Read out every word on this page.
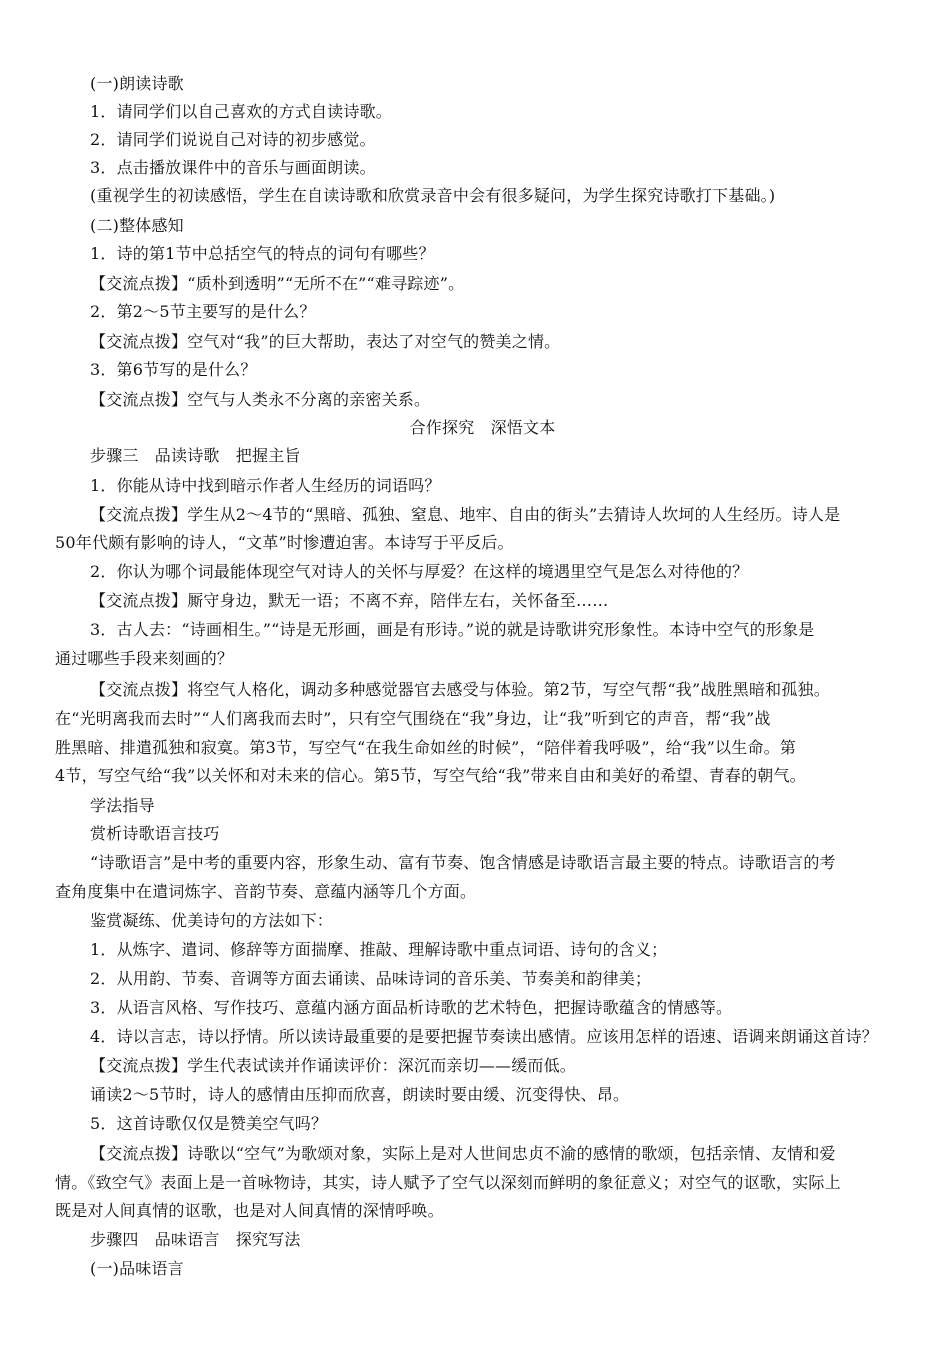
(一)朗读诗歌
1．请同学们以自己喜欢的方式自读诗歌。
2．请同学们说说自己对诗的初步感觉。
3．点击播放课件中的音乐与画面朗读。
(重视学生的初读感悟，学生在自读诗歌和欣赏录音中会有很多疑问，为学生探究诗歌打下基础。)
(二)整体感知
1．诗的第1节中总括空气的特点的词句有哪些？
【交流点拨】“质朴到透明”“无所不在”“难寻踪迹”。
2．第2～5节主要写的是什么？
【交流点拨】空气对“我”的巨大帮助，表达了对空气的赞美之情。
3．第6节写的是什么？
【交流点拨】空气与人类永不分离的亲密关系。
合作探究　深悟文本
步骤三　品读诗歌　把握主旨
1．你能从诗中找到暗示作者人生经历的词语吗？
【交流点拨】学生从2～4节的“黑暗、孤独、窒息、地牢、自由的街头”去猜诗人坎坷的人生经历。诗人是
50年代颇有影响的诗人，“文革”时惨遭迫害。本诗写于平反后。
2．你认为哪个词最能体现空气对诗人的关怀与厚爱？在这样的境遇里空气是怎么对待他的？
【交流点拨】厮守身边，默无一语；不离不弃，陪伴左右，关怀备至……
3．古人去：“诗画相生。”“诗是无形画，画是有形诗。”说的就是诗歌讲究形象性。本诗中空气的形象是
通过哪些手段来刻画的？
【交流点拨】将空气人格化，调动多种感觉器官去感受与体验。第2节，写空气帮“我”战胜黑暗和孤独。
在“光明离我而去时”“人们离我而去时”，只有空气围绕在“我”身边，让“我”听到它的声音，帮“我”战
胜黑暗、排遣孤独和寂寞。第3节，写空气“在我生命如丝的时候”，“陪伴着我呼吸”，给“我”以生命。第
4节，写空气给“我”以关怀和对未来的信心。第5节，写空气给“我”带来自由和美好的希望、青春的朝气。
学法指导
赏析诗歌语言技巧
“诗歌语言”是中考的重要内容，形象生动、富有节奏、饱含情感是诗歌语言最主要的特点。诗歌语言的考
查角度集中在遣词炼字、音韵节奏、意蕴内涵等几个方面。
鉴赏凝练、优美诗句的方法如下：
1．从炼字、遣词、修辞等方面揣摩、推敲、理解诗歌中重点词语、诗句的含义；
2．从用韵、节奏、音调等方面去诵读、品味诗词的音乐美、节奏美和韵律美；
3．从语言风格、写作技巧、意蕴内涵方面品析诗歌的艺术特色，把握诗歌蕴含的情感等。
4．诗以言志，诗以抒情。所以读诗最重要的是要把握节奏读出感情。应该用怎样的语速、语调来朗诵这首诗？
【交流点拨】学生代表试读并作诵读评价：深沉而亲切——缓而低。
诵读2～5节时，诗人的感情由压抑而欣喜，朗读时要由缓、沉变得快、昂。
5．这首诗歌仅仅是赞美空气吗？
【交流点拨】诗歌以“空气”为歌颂对象，实际上是对人世间忠贞不渝的感情的歌颂，包括亲情、友情和爱
情。《致空气》表面上是一首咏物诗，其实，诗人赋予了空气以深刻而鲜明的象征意义；对空气的讴歌，实际上
既是对人间真情的讴歌，也是对人间真情的深情呼唤。
步骤四　品味语言　探究写法
(一)品味语言
